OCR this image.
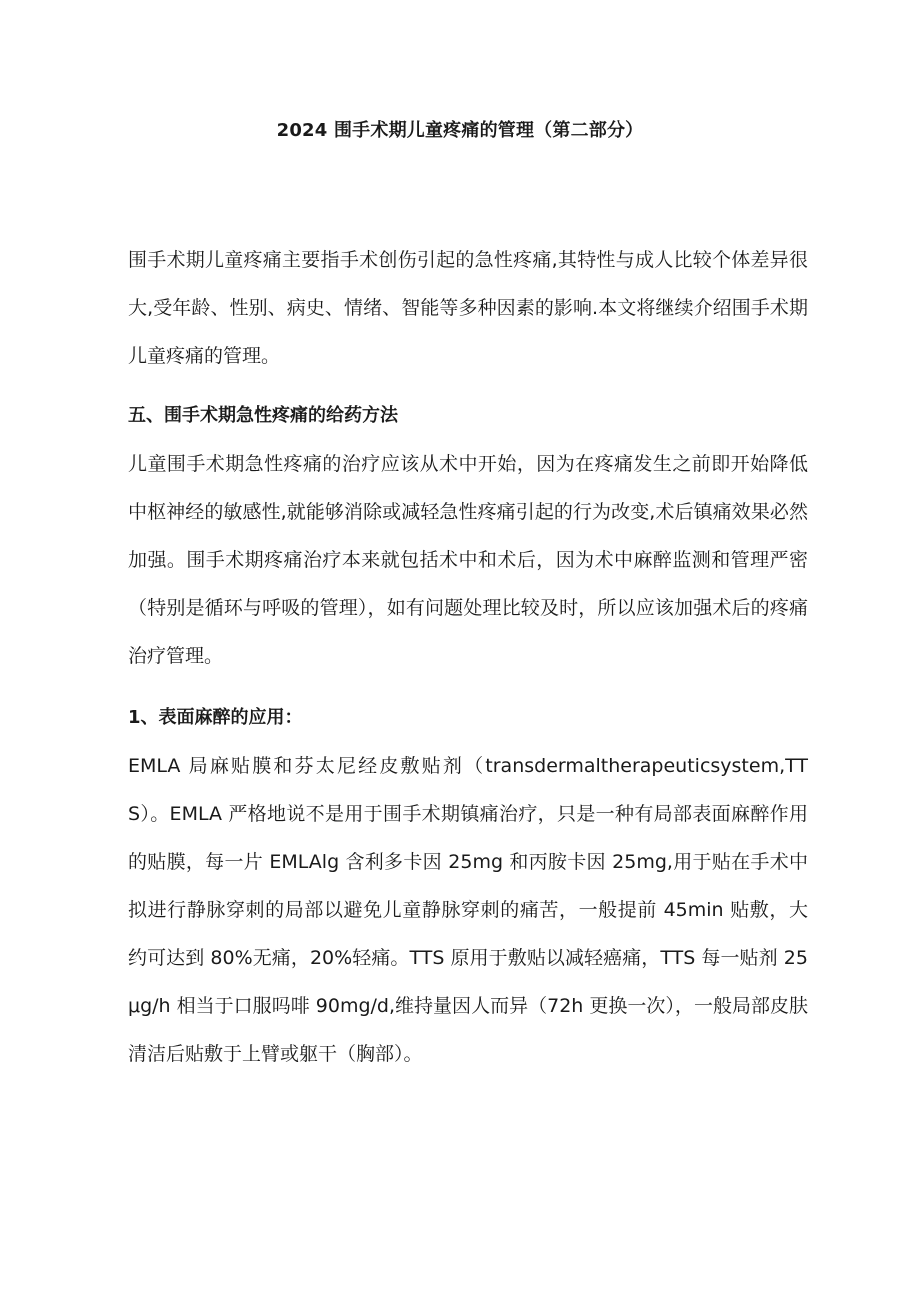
2024 围手术期儿童疼痛的管理（第二部分）

围手术期儿童疼痛主要指手术创伤引起的急性疼痛,其特性与成人比较个体差异很大,受年龄、性别、病史、情绪、智能等多种因素的影响.本文将继续介绍围手术期儿童疼痛的管理。

五、围手术期急性疼痛的给药方法

儿童围手术期急性疼痛的治疗应该从术中开始，因为在疼痛发生之前即开始降低中枢神经的敏感性,就能够消除或减轻急性疼痛引起的行为改变,术后镇痛效果必然加强。围手术期疼痛治疗本来就包括术中和术后，因为术中麻醉监测和管理严密（特别是循环与呼吸的管理），如有问题处理比较及时，所以应该加强术后的疼痛治疗管理。

1、表面麻醉的应用：

EMLA 局麻贴膜和芬太尼经皮敷贴剂（transdermaltherapeuticsystem,TTS）。EMLA 严格地说不是用于围手术期镇痛治疗，只是一种有局部表面麻醉作用的贴膜，每一片 EMLAlg 含利多卡因 25mg 和丙胺卡因 25mg,用于贴在手术中拟进行静脉穿刺的局部以避免儿童静脉穿刺的痛苦，一般提前 45min 贴敷，大约可达到 80%无痛，20%轻痛。TTS 原用于敷贴以减轻癌痛，TTS 每一贴剂 25μg/h 相当于口服吗啡 90mg/d,维持量因人而异（72h 更换一次），一般局部皮肤清洁后贴敷于上臂或躯干（胸部）。
